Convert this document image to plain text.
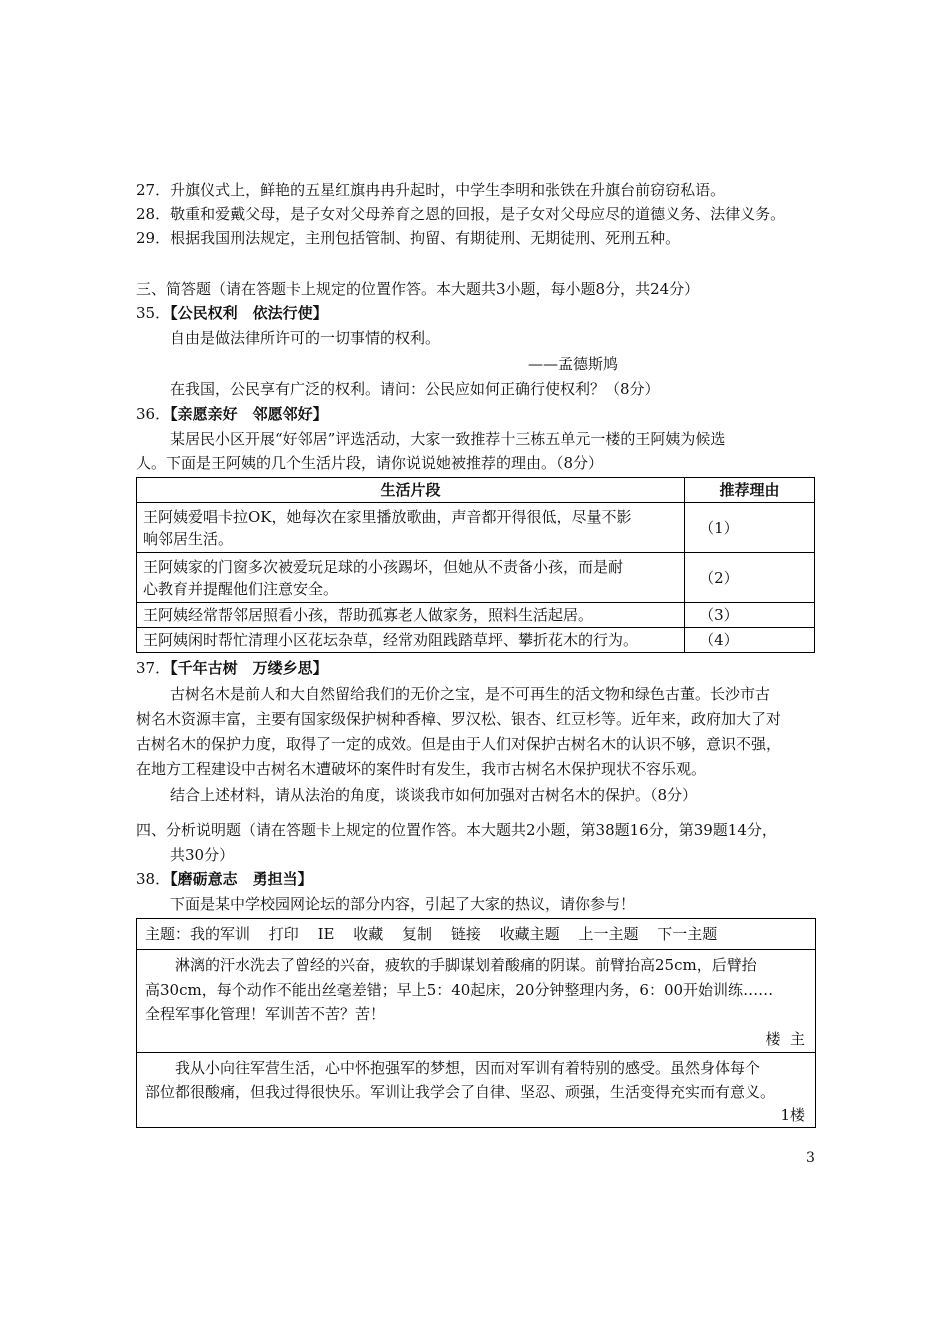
27．升旗仪式上，鲜艳的五星红旗冉冉升起时，中学生李明和张铁在升旗台前窃窃私语。
28．敬重和爱戴父母，是子女对父母养育之恩的回报，是子女对父母应尽的道德义务、法律义务。
29．根据我国刑法规定，主刑包括管制、拘留、有期徒刑、无期徒刑、死刑五种。
三、简答题（请在答题卡上规定的位置作答。本大题共3小题，每小题8分，共24分）
35．【公民权利　依法行使】
自由是做法律所许可的一切事情的权利。
——孟德斯鸠
在我国，公民享有广泛的权利。请问：公民应如何正确行使权利？（8分）
36．【亲愿亲好　邻愿邻好】
某居民小区开展“好邻居”评选活动，大家一致推荐十三栋五单元一楼的王阿姨为候选
人。下面是王阿姨的几个生活片段，请你说说她被推荐的理由。（8分）
生活片段	推荐理由

王阿姨爱唱卡拉OK，她每次在家里播放歌曲，声音都开得很低，尽量不影
响邻居生活。	（1）

王阿姨家的门窗多次被爱玩足球的小孩踢坏，但她从不责备小孩，而是耐
心教育并提醒他们注意安全。	（2）
王阿姨经常帮邻居照看小孩，帮助孤寡老人做家务，照料生活起居。	（3）
王阿姨闲时帮忙清理小区花坛杂草，经常劝阻践踏草坪、攀折花木的行为。	（4）
37．【千年古树　万缕乡思】
古树名木是前人和大自然留给我们的无价之宝，是不可再生的活文物和绿色古董。长沙市古
树名木资源丰富，主要有国家级保护树种香樟、罗汉松、银杏、红豆杉等。近年来，政府加大了对
古树名木的保护力度，取得了一定的成效。但是由于人们对保护古树名木的认识不够，意识不强，
在地方工程建设中古树名木遭破坏的案件时有发生，我市古树名木保护现状不容乐观。
结合上述材料，请从法治的角度，谈谈我市如何加强对古树名木的保护。（8分）
四、分析说明题（请在答题卡上规定的位置作答。本大题共2小题，第38题16分，第39题14分，
共30分）
38．【磨砺意志　勇担当】
下面是某中学校园网论坛的部分内容，引起了大家的热议，请你参与！
主题：我的军训 打印 IE 收藏 复制 链接 收藏主题 上一主题 下一主题
淋漓的汗水洗去了曾经的兴奋，疲软的手脚谋划着酸痛的阴谋。前臂抬高25cm，后臂抬
高30cm，每个动作不能出丝毫差错；早上5：40起床，20分钟整理内务，6：00开始训练……
全程军事化管理！军训苦不苦？苦！
楼  主
我从小向往军营生活，心中怀抱强军的梦想，因而对军训有着特别的感受。虽然身体每个
部位都很酸痛，但我过得很快乐。军训让我学会了自律、坚忍、顽强，生活变得充实而有意义。
1楼
3
